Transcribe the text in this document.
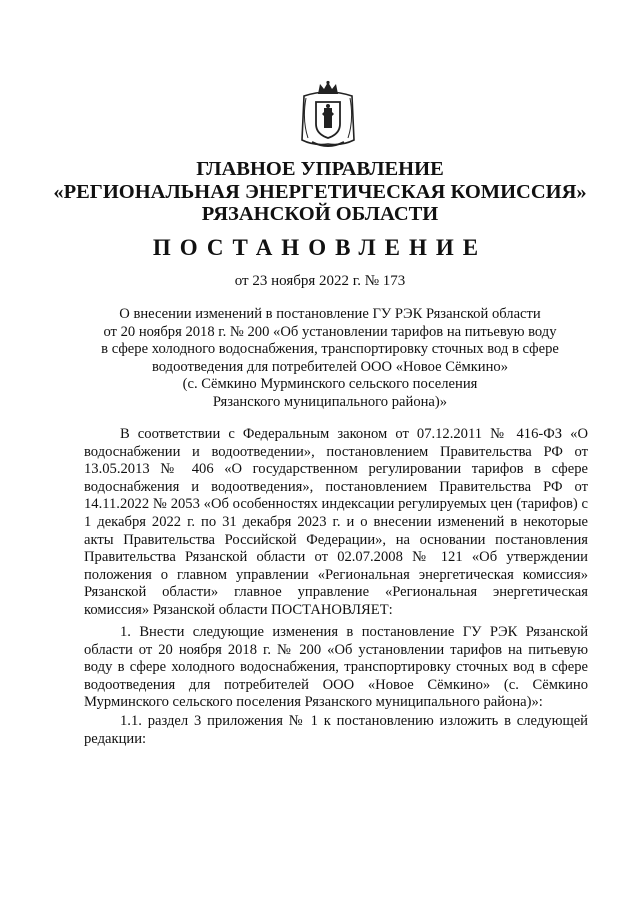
ГЛАВНОЕ УПРАВЛЕНИЕ
«РЕГИОНАЛЬНАЯ ЭНЕРГЕТИЧЕСКАЯ КОМИССИЯ»
РЯЗАНСКОЙ ОБЛАСТИ
ПОСТАНОВЛЕНИЕ
от 23 ноября 2022 г. № 173
О внесении изменений в постановление ГУ РЭК Рязанской области
от 20 ноября 2018 г. № 200 «Об установлении тарифов на питьевую воду
в сфере холодного водоснабжения, транспортировку сточных вод в сфере
водоотведения для потребителей ООО «Новое Сёмкино»
(с. Сёмкино Мурминского сельского поселения
Рязанского муниципального района)»
В соответствии с Федеральным законом от 07.12.2011 № 416-ФЗ «О водоснабжении и водоотведении», постановлением Правительства РФ от 13.05.2013 № 406 «О государственном регулировании тарифов в сфере водоснабжения и водоотведения», постановлением Правительства РФ от 14.11.2022 № 2053 «Об особенностях индексации регулируемых цен (тарифов) с 1 декабря 2022 г. по 31 декабря 2023 г. и о внесении изменений в некоторые акты Правительства Российской Федерации», на основании постановления Правительства Рязанской области от 02.07.2008 № 121 «Об утверждении положения о главном управлении «Региональная энергетическая комиссия» Рязанской области» главное управление «Региональная энергетическая комиссия» Рязанской области ПОСТАНОВЛЯЕТ:
1. Внести следующие изменения в постановление ГУ РЭК Рязанской области от 20 ноября 2018 г. № 200 «Об установлении тарифов на питьевую воду в сфере холодного водоснабжения, транспортировку сточных вод в сфере водоотведения для потребителей ООО «Новое Сёмкино» (с. Сёмкино Мурминского сельского поселения Рязанского муниципального района)»:
1.1. раздел 3 приложения № 1 к постановлению изложить в следующей редакции:
